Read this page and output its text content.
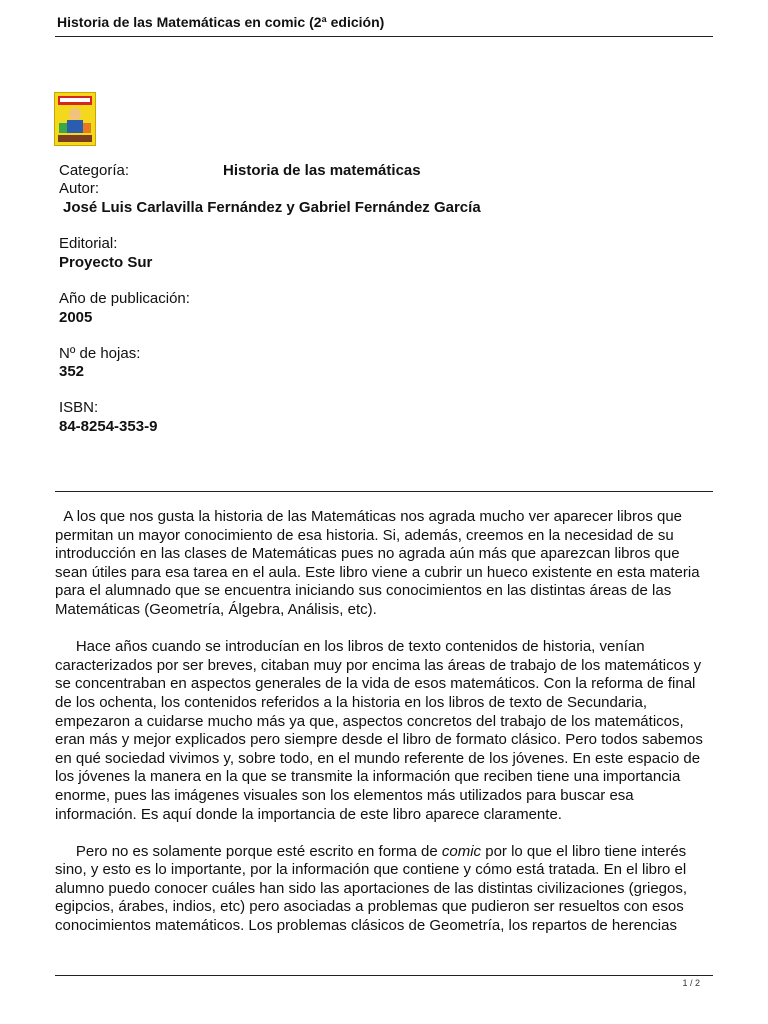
Historia de las Matemáticas en comic (2ª edición)
Categoría:	Historia de las matemáticas
Autor:
José Luis Carlavilla Fernández y Gabriel Fernández García
Editorial:
Proyecto Sur
Año de publicación:
2005
Nº de hojas:
352
ISBN:
84-8254-353-9

A los que nos gusta la historia de las Matemáticas nos agrada mucho ver aparecer libros que permitan un mayor conocimiento de esa historia. Si, además, creemos en la necesidad de su introducción en las clases de Matemáticas pues no agrada aún más que aparezcan libros que sean útiles para esa tarea en el aula. Este libro viene a cubrir un hueco existente en esta materia para el alumnado que se encuentra iniciando sus conocimientos en las distintas áreas de las Matemáticas (Geometría, Álgebra, Análisis, etc).

Hace años cuando se introducían en los libros de texto contenidos de historia, venían caracterizados por ser breves, citaban muy por encima las áreas de trabajo de los matemáticos y se concentraban en aspectos generales de la vida de esos matemáticos. Con la reforma de final de los ochenta, los contenidos referidos a la historia en los libros de texto de Secundaria, empezaron a cuidarse mucho más ya que, aspectos concretos del trabajo de los matemáticos, eran más y mejor explicados pero siempre desde el libro de formato clásico. Pero todos sabemos en qué sociedad vivimos y, sobre todo, en el mundo referente de los jóvenes. En este espacio de los jóvenes la manera en la que se transmite la información que reciben tiene una importancia enorme, pues las imágenes visuales son los elementos más utilizados para buscar esa información. Es aquí donde la importancia de este libro aparece claramente.

Pero no es solamente porque esté escrito en forma de comic por lo que el libro tiene interés sino, y esto es lo importante, por la información que contiene y cómo está tratada. En el libro el alumno puedo conocer cuáles han sido las aportaciones de las distintas civilizaciones (griegos, egipcios, árabes, indios, etc) pero asociadas a problemas que pudieron ser resueltos con esos conocimientos matemáticos. Los problemas clásicos de Geometría, los repartos de herencias

1 / 2
